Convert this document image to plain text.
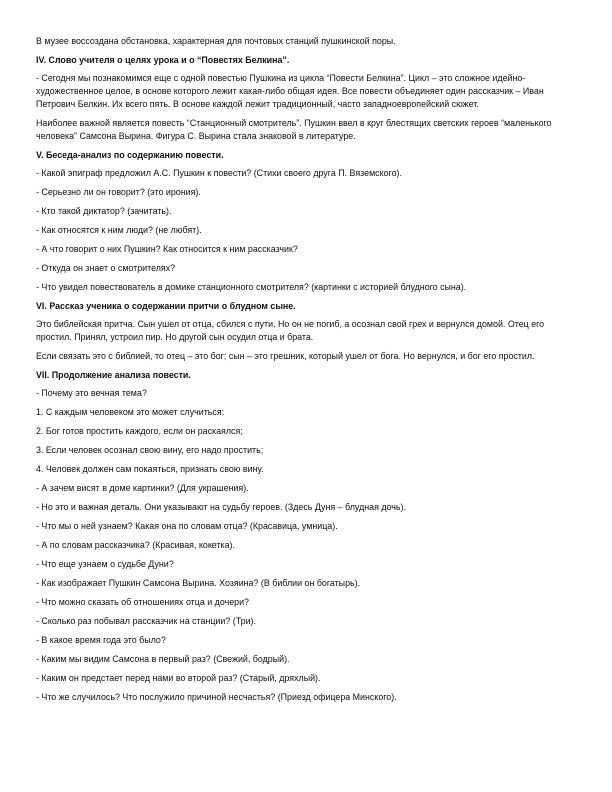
В музее воссоздана обстановка, характерная для почтовых станций пушкинской поры.

IV. Слово учителя о целях урока и о “Повестях Белкина”.

- Сегодня мы познакомимся еще с одной повестью Пушкина из цикла “Повести Белкина”. Цикл – это сложное идейно-художественное целое, в основе которого лежит какая-либо общая идея. Все повести объединяет один рассказчик – Иван Петрович Белкин. Их всего пять. В основе каждой лежит традиционный, часто западноевропейский сюжет.

Наиболее важной является повесть “Станционный смотритель”. Пушкин ввел в круг блестящих светских героев “маленького человека” Самсона Вырина. Фигура С. Вырина стала знаковой в литературе.

V. Беседа-анализ по содержанию повести.

- Какой эпиграф предложил А.С. Пушкин к повести? (Стихи своего друга П. Вяземского).

- Серьезно ли он говорит? (это ирония).

- Кто такой диктатор? (зачитать).

- Как относятся к ним люди? (не любят).

- А что говорит о них Пушкин? Как относится к ним рассказчик?

- Откуда он знает о смотрителях?

- Что увидел повествователь в домике станционного смотрителя? (картинки с историей блудного сына).

VI. Рассказ ученика о содержании притчи о блудном сыне.

Это библейская притча. Сын ушел от отца, сбился с пути. Но он не погиб, а осознал свой грех и вернулся домой. Отец его простил. Принял, устроил пир. Но другой сын осудил отца и брата.

Если связать это с библией, то отец – это бог; сын – это грешник, который ушел от бога. Но вернулся, и бог его простил.

VII. Продолжение анализа повести.

- Почему это вечная тема?

1. С каждым человеком это может случиться;

2. Бог готов простить каждого, если он раскаялся;

3. Если человек осознал свою вину, его надо простить;

4. Человек должен сам покаяться, признать свою вину.

- А зачем висят в доме картинки? (Для украшения).

- Но это и важная деталь. Они указывают на судьбу героев. (Здесь Дуня – блудная дочь).

- Что мы о ней узнаем? Какая она по словам отца? (Красавица, умница).

- А по словам рассказчика? (Красивая, кокетка).

- Что еще узнаем о судьбе Дуни?

- Как изображает Пушкин Самсона Вырина. Хозяина? (В библии он богатырь).

- Что можно сказать об отношениях отца и дочери?

- Сколько раз побывал рассказчик на станции? (Три).

- В какое время года это было?

- Каким мы видим Самсона в первый раз? (Свежий, бодрый).

- Каким он предстает перед нами во второй раз? (Старый, дряхлый).

- Что же случилось? Что послужило причиной несчастья? (Приезд офицера Минского).
